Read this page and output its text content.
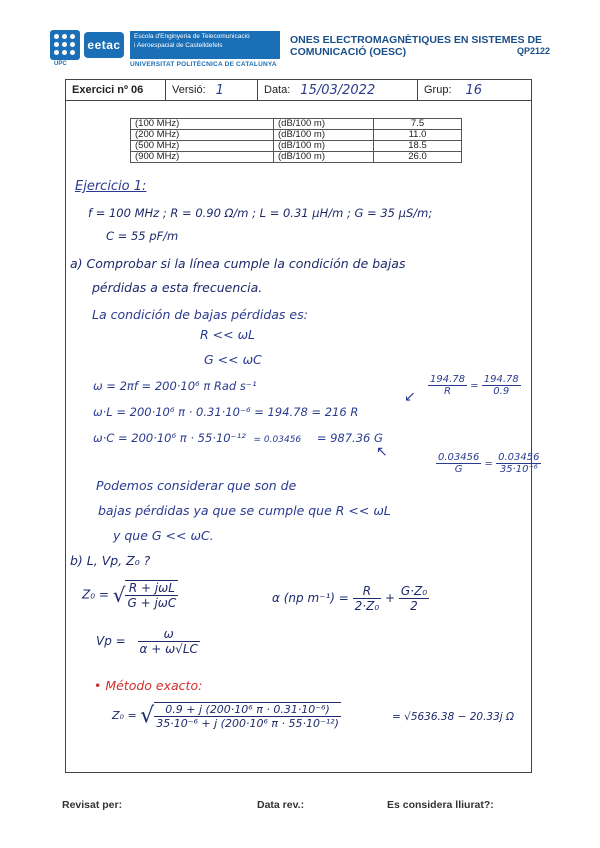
UPC
eetac
Escola d'Enginyeria de Telecomunicació
i Aeroespacial de Castelldefels
UNIVERSITAT POLITÈCNICA DE CATALUNYA
ONES ELECTROMAGNÈTIQUES EN SISTEMES DE COMUNICACIÓ (OESC)	QP2122
Exercici nº 06	Versió: 1	Data: 15/03/2022	Grup: 16
(100 MHz)	(dB/100 m)	7.5
(200 MHz)	(dB/100 m)	11.0
(500 MHz)	(dB/100 m)	18.5
(900 MHz)	(dB/100 m)	26.0
Ejercicio 1:
f = 100 MHz ; R = 0.90 Ω/m ; L = 0.31 μH/m ; G = 35 μS/m;
C = 55 pF/m
a) Comprobar si la línea cumple la condición de bajas
pérdidas a esta frecuencia.
La condición de bajas pérdidas es:
R << ωL
G << ωC
ω = 2πf = 200·10⁶ π Rad s⁻¹	$\frac{194.78}{R} = \frac{194.78}{0.9}$
↙
ω·L = 200·10⁶ π · 0.31·10⁻⁶ = 194.78 = 216 R
ω·C = 200·10⁶ π · 55·10⁻¹² = 0.03456 = 987.36 G
↖
$\frac{0.03456}{G} = \frac{0.03456}{\text{35·10⁻⁶}}$
Podemos considerar que son de
bajas pérdidas ya que se cumple que R << ωL
y que G << ωC.
b) L, Vp, Z₀ ?
Z₀ = √ $\frac{\text{R + jωL}}{\text{G + jωC}}$	α (np $m^{-1}) = \frac{R}{\text{2·Z₀}} + \frac{\text{G·Z₀}}{2}$
$Vp = \frac{\omega}{\alpha + \omega√LC}$
• Método exacto:
Z₀ = √ $\frac{\text{0.9 + j (200·10⁶ π · 0.31·10⁻⁶)}}{\text{35·10⁻⁶ + j (200·10⁶ π · 55·10⁻¹²)}}$	= √5636.38 − 20.33j Ω
Revisat per:	Data rev.:	Es considera lliurat?:
